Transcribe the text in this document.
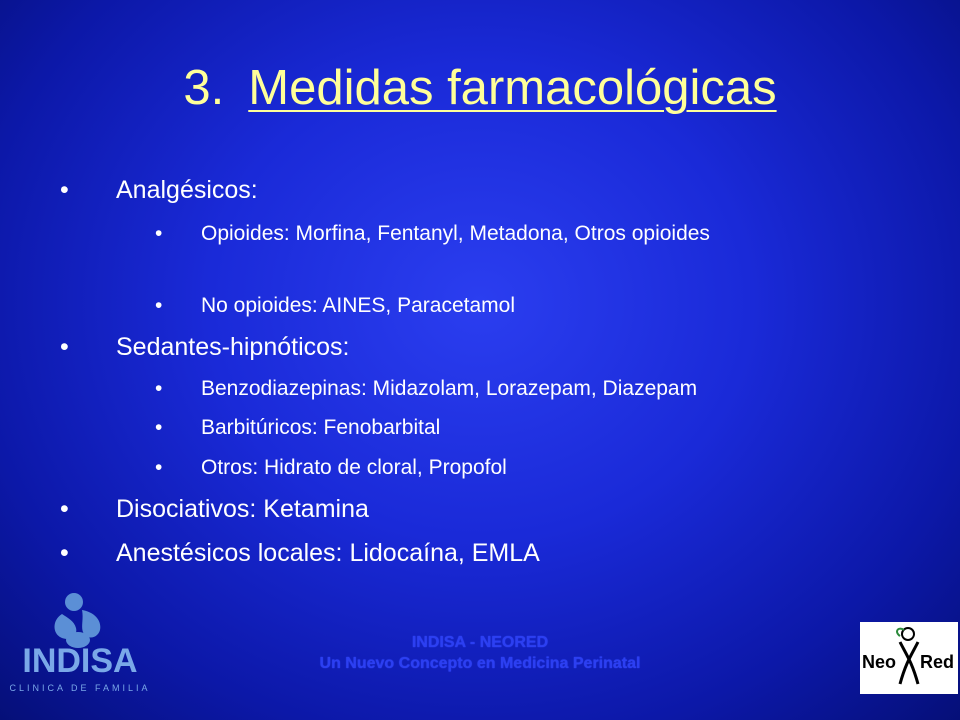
3. Medidas farmacológicas
• Analgésicos:
• Opioides: Morfina, Fentanyl, Metadona, Otros opioides
• No opioides: AINES, Paracetamol
• Sedantes-hipnóticos:
• Benzodiazepinas: Midazolam, Lorazepam, Diazepam
• Barbitúricos: Fenobarbital
• Otros: Hidrato de cloral, Propofol
• Disociativos: Ketamina
• Anestésicos locales: Lidocaína, EMLA
INDISA - NEORED
Un Nuevo Concepto en Medicina Perinatal
INDISA
CLINICA DE FAMILIA
Neo Red
